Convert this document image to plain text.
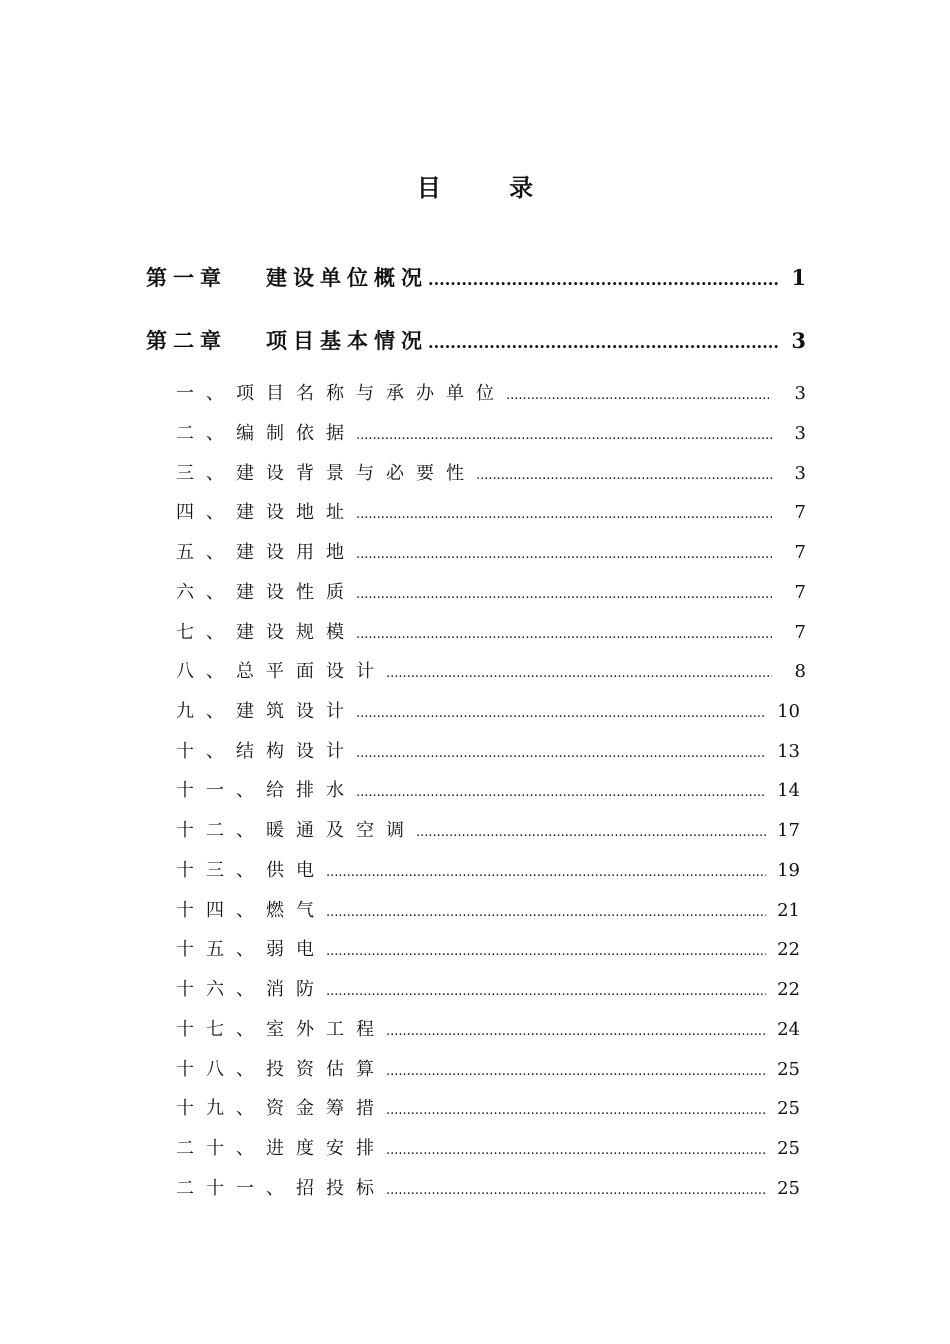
目 录
第一章	建设单位概况 .....	1
第二章	项目基本情况 .....	3
一、项目名称与承办单位 .....	3
二、编制依据 .....	3
三、建设背景与必要性 .....	3
四、建设地址 .....	7
五、建设用地 .....	7
六、建设性质 .....	7
七、建设规模 .....	7
八、总平面设计 .....	8
九、建筑设计 .....	10
十、结构设计 .....	13
十一、给排水 .....	14
十二、暖通及空调 .....	17
十三、供电 .....	19
十四、燃气 .....	21
十五、弱电 .....	22
十六、消防 .....	22
十七、室外工程 .....	24
十八、投资估算 .....	25
十九、资金筹措 .....	25
二十、进度安排 .....	25
二十一、招投标 .....	25
